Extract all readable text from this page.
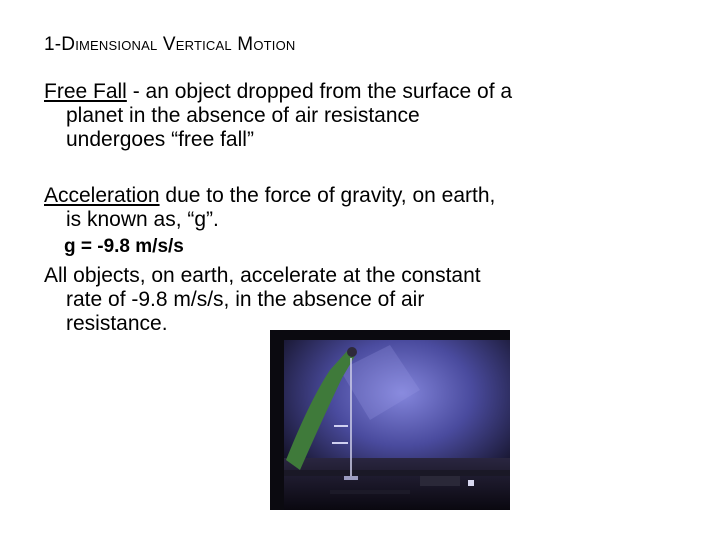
1-Dimensional Vertical Motion
Free Fall - an object dropped from the surface of a
planet in the absence of air resistance
undergoes “free fall”
Acceleration due to the force of gravity, on earth,
is known as, “g”.
g = -9.8 m/s/s
All objects, on earth, accelerate at the constant
rate of -9.8 m/s/s, in the absence of air
resistance.
